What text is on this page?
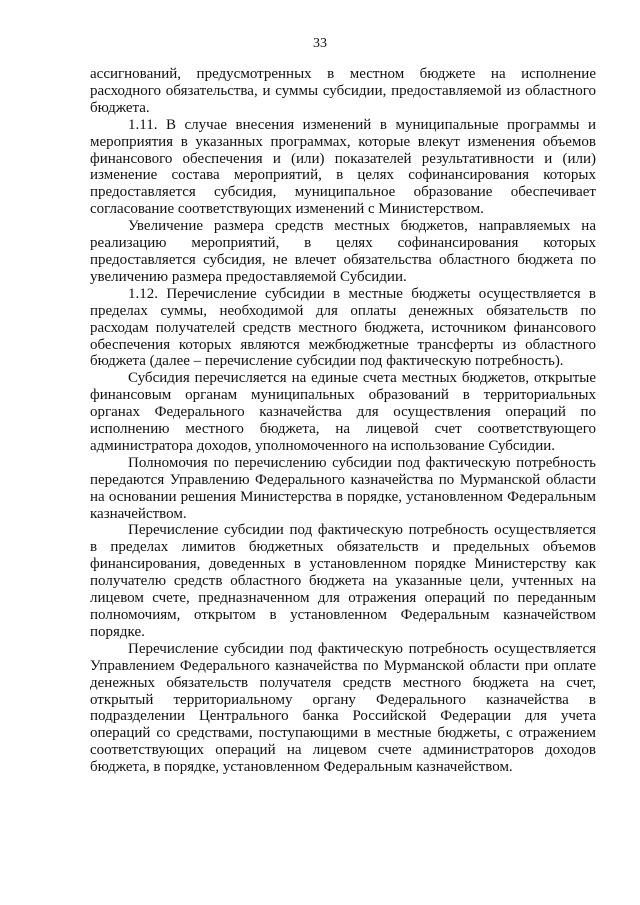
33

ассигнований, предусмотренных в местном бюджете на исполнение расходного обязательства, и суммы субсидии, предоставляемой из областного бюджета.

1.11. В случае внесения изменений в муниципальные программы и мероприятия в указанных программах, которые влекут изменения объемов финансового обеспечения и (или) показателей результативности и (или) изменение состава мероприятий, в целях софинансирования которых предоставляется субсидия, муниципальное образование обеспечивает согласование соответствующих изменений с Министерством.

Увеличение размера средств местных бюджетов, направляемых на реализацию мероприятий, в целях софинансирования которых предоставляется субсидия, не влечет обязательства областного бюджета по увеличению размера предоставляемой Субсидии.

1.12. Перечисление субсидии в местные бюджеты осуществляется в пределах суммы, необходимой для оплаты денежных обязательств по расходам получателей средств местного бюджета, источником финансового обеспечения которых являются межбюджетные трансферты из областного бюджета (далее – перечисление субсидии под фактическую потребность).

Субсидия перечисляется на единые счета местных бюджетов, открытые финансовым органам муниципальных образований в территориальных органах Федерального казначейства для осуществления операций по исполнению местного бюджета, на лицевой счет соответствующего администратора доходов, уполномоченного на использование Субсидии.

Полномочия по перечислению субсидии под фактическую потребность передаются Управлению Федерального казначейства по Мурманской области на основании решения Министерства в порядке, установленном Федеральным казначейством.

Перечисление субсидии под фактическую потребность осуществляется в пределах лимитов бюджетных обязательств и предельных объемов финансирования, доведенных в установленном порядке Министерству как получателю средств областного бюджета на указанные цели, учтенных на лицевом счете, предназначенном для отражения операций по переданным полномочиям, открытом в установленном Федеральным казначейством порядке.

Перечисление субсидии под фактическую потребность осуществляется Управлением Федерального казначейства по Мурманской области при оплате денежных обязательств получателя средств местного бюджета на счет, открытый территориальному органу Федерального казначейства в подразделении Центрального банка Российской Федерации для учета операций со средствами, поступающими в местные бюджеты, с отражением соответствующих операций на лицевом счете администраторов доходов бюджета, в порядке, установленном Федеральным казначейством.
